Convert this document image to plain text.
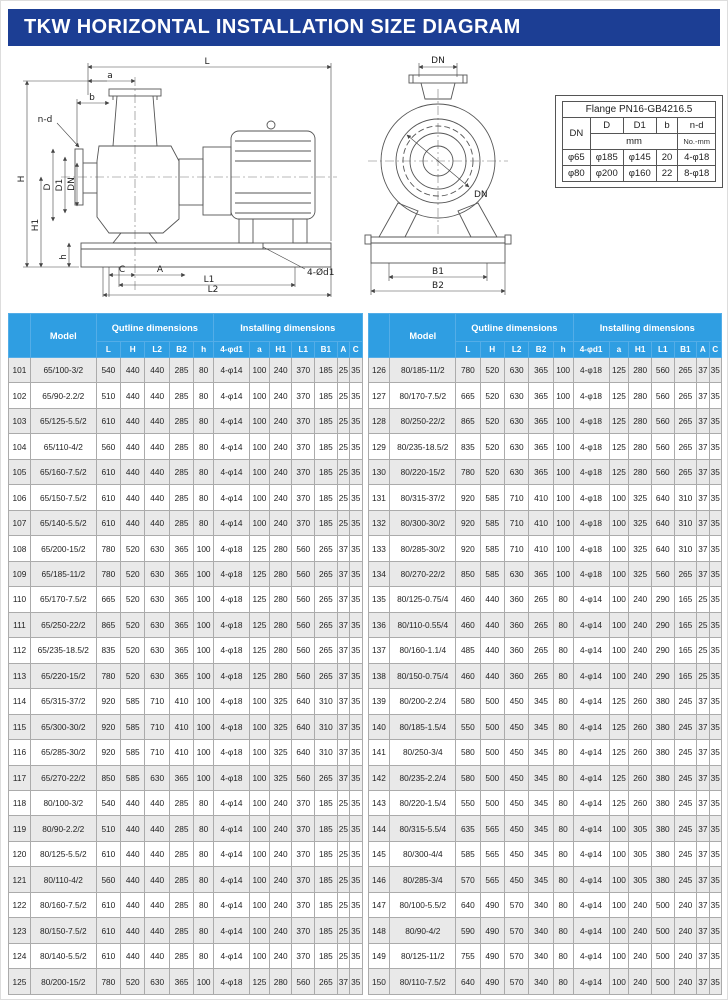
TKW HORIZONTAL INSTALLATION SIZE DIAGRAM
L
a
b
n-d
H
H1
D D1 DN
h
C	A
L1
L2
4-Ød1
DN
DN
B1
B2
Flange PN16-GB4216.5				
DN	D	D1	b	n-d
	mm			No.-mm
φ65	φ185	φ145	20	4-φ18
φ80	φ200	φ160	22	8-φ18
	Model	Qutline dimensions					Installing dimensions						
		L	H	L2	B2	h	4-φd1	a	H1	L1	B1	A	C
101	65/100-3/2	540	440	440	285	80	4-φ14	100	240	370	185	25	35
102	65/90-2.2/2	510	440	440	285	80	4-φ14	100	240	370	185	25	35
103	65/125-5.5/2	610	440	440	285	80	4-φ14	100	240	370	185	25	35
104	65/110-4/2	560	440	440	285	80	4-φ14	100	240	370	185	25	35
105	65/160-7.5/2	610	440	440	285	80	4-φ14	100	240	370	185	25	35
106	65/150-7.5/2	610	440	440	285	80	4-φ14	100	240	370	185	25	35
107	65/140-5.5/2	610	440	440	285	80	4-φ14	100	240	370	185	25	35
108	65/200-15/2	780	520	630	365	100	4-φ18	125	280	560	265	37	35
109	65/185-11/2	780	520	630	365	100	4-φ18	125	280	560	265	37	35
110	65/170-7.5/2	665	520	630	365	100	4-φ18	125	280	560	265	37	35
111	65/250-22/2	865	520	630	365	100	4-φ18	125	280	560	265	37	35
112	65/235-18.5/2	835	520	630	365	100	4-φ18	125	280	560	265	37	35
113	65/220-15/2	780	520	630	365	100	4-φ18	125	280	560	265	37	35
114	65/315-37/2	920	585	710	410	100	4-φ18	100	325	640	310	37	35
115	65/300-30/2	920	585	710	410	100	4-φ18	100	325	640	310	37	35
116	65/285-30/2	920	585	710	410	100	4-φ18	100	325	640	310	37	35
117	65/270-22/2	850	585	630	365	100	4-φ18	100	325	560	265	37	35
118	80/100-3/2	540	440	440	285	80	4-φ14	100	240	370	185	25	35
119	80/90-2.2/2	510	440	440	285	80	4-φ14	100	240	370	185	25	35
120	80/125-5.5/2	610	440	440	285	80	4-φ14	100	240	370	185	25	35
121	80/110-4/2	560	440	440	285	80	4-φ14	100	240	370	185	25	35
122	80/160-7.5/2	610	440	440	285	80	4-φ14	100	240	370	185	25	35
123	80/150-7.5/2	610	440	440	285	80	4-φ14	100	240	370	185	25	35
124	80/140-5.5/2	610	440	440	285	80	4-φ14	100	240	370	185	25	35
125	80/200-15/2	780	520	630	365	100	4-φ18	125	280	560	265	37	35
	Model	Qutline dimensions					Installing dimensions						
		L	H	L2	B2	h	4-φd1	a	H1	L1	B1	A	C
126	80/185-11/2	780	520	630	365	100	4-φ18	125	280	560	265	37	35
127	80/170-7.5/2	665	520	630	365	100	4-φ18	125	280	560	265	37	35
128	80/250-22/2	865	520	630	365	100	4-φ18	125	280	560	265	37	35
129	80/235-18.5/2	835	520	630	365	100	4-φ18	125	280	560	265	37	35
130	80/220-15/2	780	520	630	365	100	4-φ18	125	280	560	265	37	35
131	80/315-37/2	920	585	710	410	100	4-φ18	100	325	640	310	37	35
132	80/300-30/2	920	585	710	410	100	4-φ18	100	325	640	310	37	35
133	80/285-30/2	920	585	710	410	100	4-φ18	100	325	640	310	37	35
134	80/270-22/2	850	585	630	365	100	4-φ18	100	325	560	265	37	35
135	80/125-0.75/4	460	440	360	265	80	4-φ14	100	240	290	165	25	35
136	80/110-0.55/4	460	440	360	265	80	4-φ14	100	240	290	165	25	35
137	80/160-1.1/4	485	440	360	265	80	4-φ14	100	240	290	165	25	35
138	80/150-0.75/4	460	440	360	265	80	4-φ14	100	240	290	165	25	35
139	80/200-2.2/4	580	500	450	345	80	4-φ14	125	260	380	245	37	35
140	80/185-1.5/4	550	500	450	345	80	4-φ14	125	260	380	245	37	35
141	80/250-3/4	580	500	450	345	80	4-φ14	125	260	380	245	37	35
142	80/235-2.2/4	580	500	450	345	80	4-φ14	125	260	380	245	37	35
143	80/220-1.5/4	550	500	450	345	80	4-φ14	125	260	380	245	37	35
144	80/315-5.5/4	635	565	450	345	80	4-φ14	100	305	380	245	37	35
145	80/300-4/4	585	565	450	345	80	4-φ14	100	305	380	245	37	35
146	80/285-3/4	570	565	450	345	80	4-φ14	100	305	380	245	37	35
147	80/100-5.5/2	640	490	570	340	80	4-φ14	100	240	500	240	37	35
148	80/90-4/2	590	490	570	340	80	4-φ14	100	240	500	240	37	35
149	80/125-11/2	755	490	570	340	80	4-φ14	100	240	500	240	37	35
150	80/110-7.5/2	640	490	570	340	80	4-φ14	100	240	500	240	37	35
